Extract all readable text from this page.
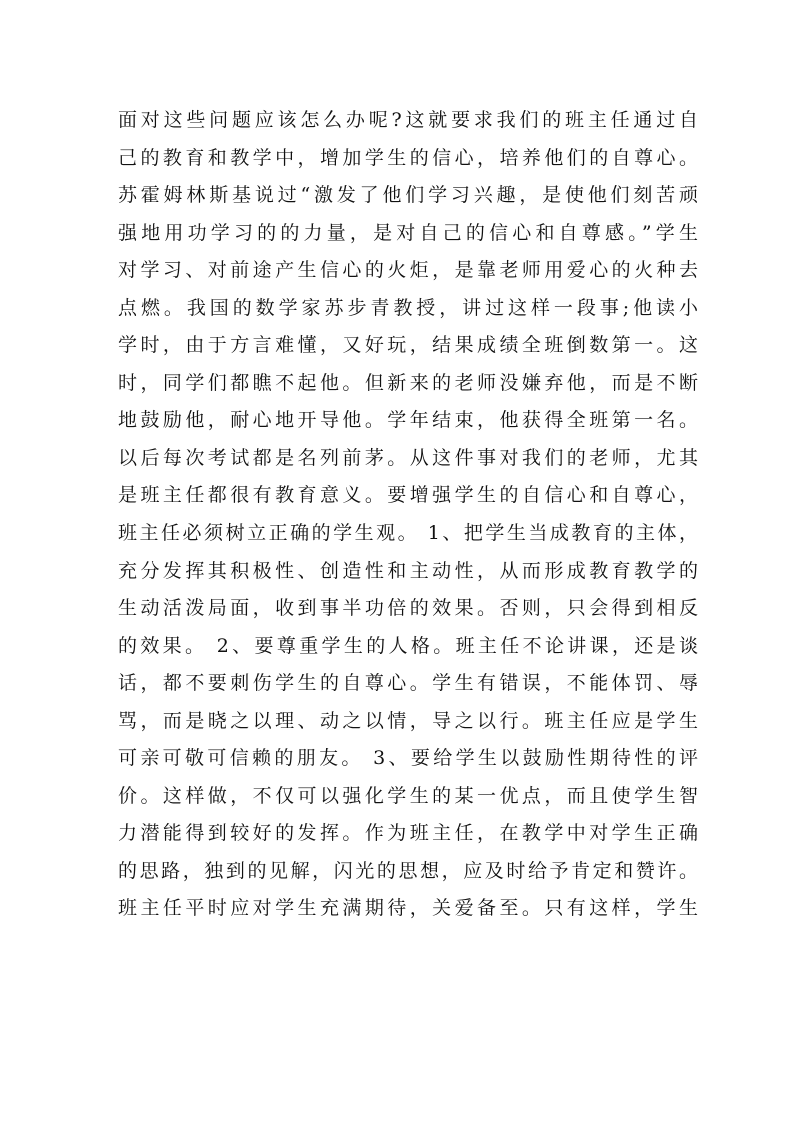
面对这些问题应该怎么办呢?这就要求我们的班主任通过自
己的教育和教学中，增加学生的信心，培养他们的自尊心。
苏霍姆林斯基说过“激发了他们学习兴趣，是使他们刻苦顽
强地用功学习的的力量，是对自己的信心和自尊感。”学生
对学习、对前途产生信心的火炬，是靠老师用爱心的火种去
点燃。我国的数学家苏步青教授，讲过这样一段事;他读小
学时，由于方言难懂，又好玩，结果成绩全班倒数第一。这
时，同学们都瞧不起他。但新来的老师没嫌弃他，而是不断
地鼓励他，耐心地开导他。学年结束，他获得全班第一名。
以后每次考试都是名列前茅。从这件事对我们的老师，尤其
是班主任都很有教育意义。要增强学生的自信心和自尊心，
班主任必须树立正确的学生观。 1、把学生当成教育的主体，
充分发挥其积极性、创造性和主动性，从而形成教育教学的
生动活泼局面，收到事半功倍的效果。否则，只会得到相反
的效果。 2、要尊重学生的人格。班主任不论讲课，还是谈
话，都不要刺伤学生的自尊心。学生有错误，不能体罚、辱
骂，而是晓之以理、动之以情，导之以行。班主任应是学生
可亲可敬可信赖的朋友。 3、要给学生以鼓励性期待性的评
价。这样做，不仅可以强化学生的某一优点，而且使学生智
力潜能得到较好的发挥。作为班主任，在教学中对学生正确
的思路，独到的见解，闪光的思想，应及时给予肯定和赞许。
班主任平时应对学生充满期待，关爱备至。只有这样，学生
